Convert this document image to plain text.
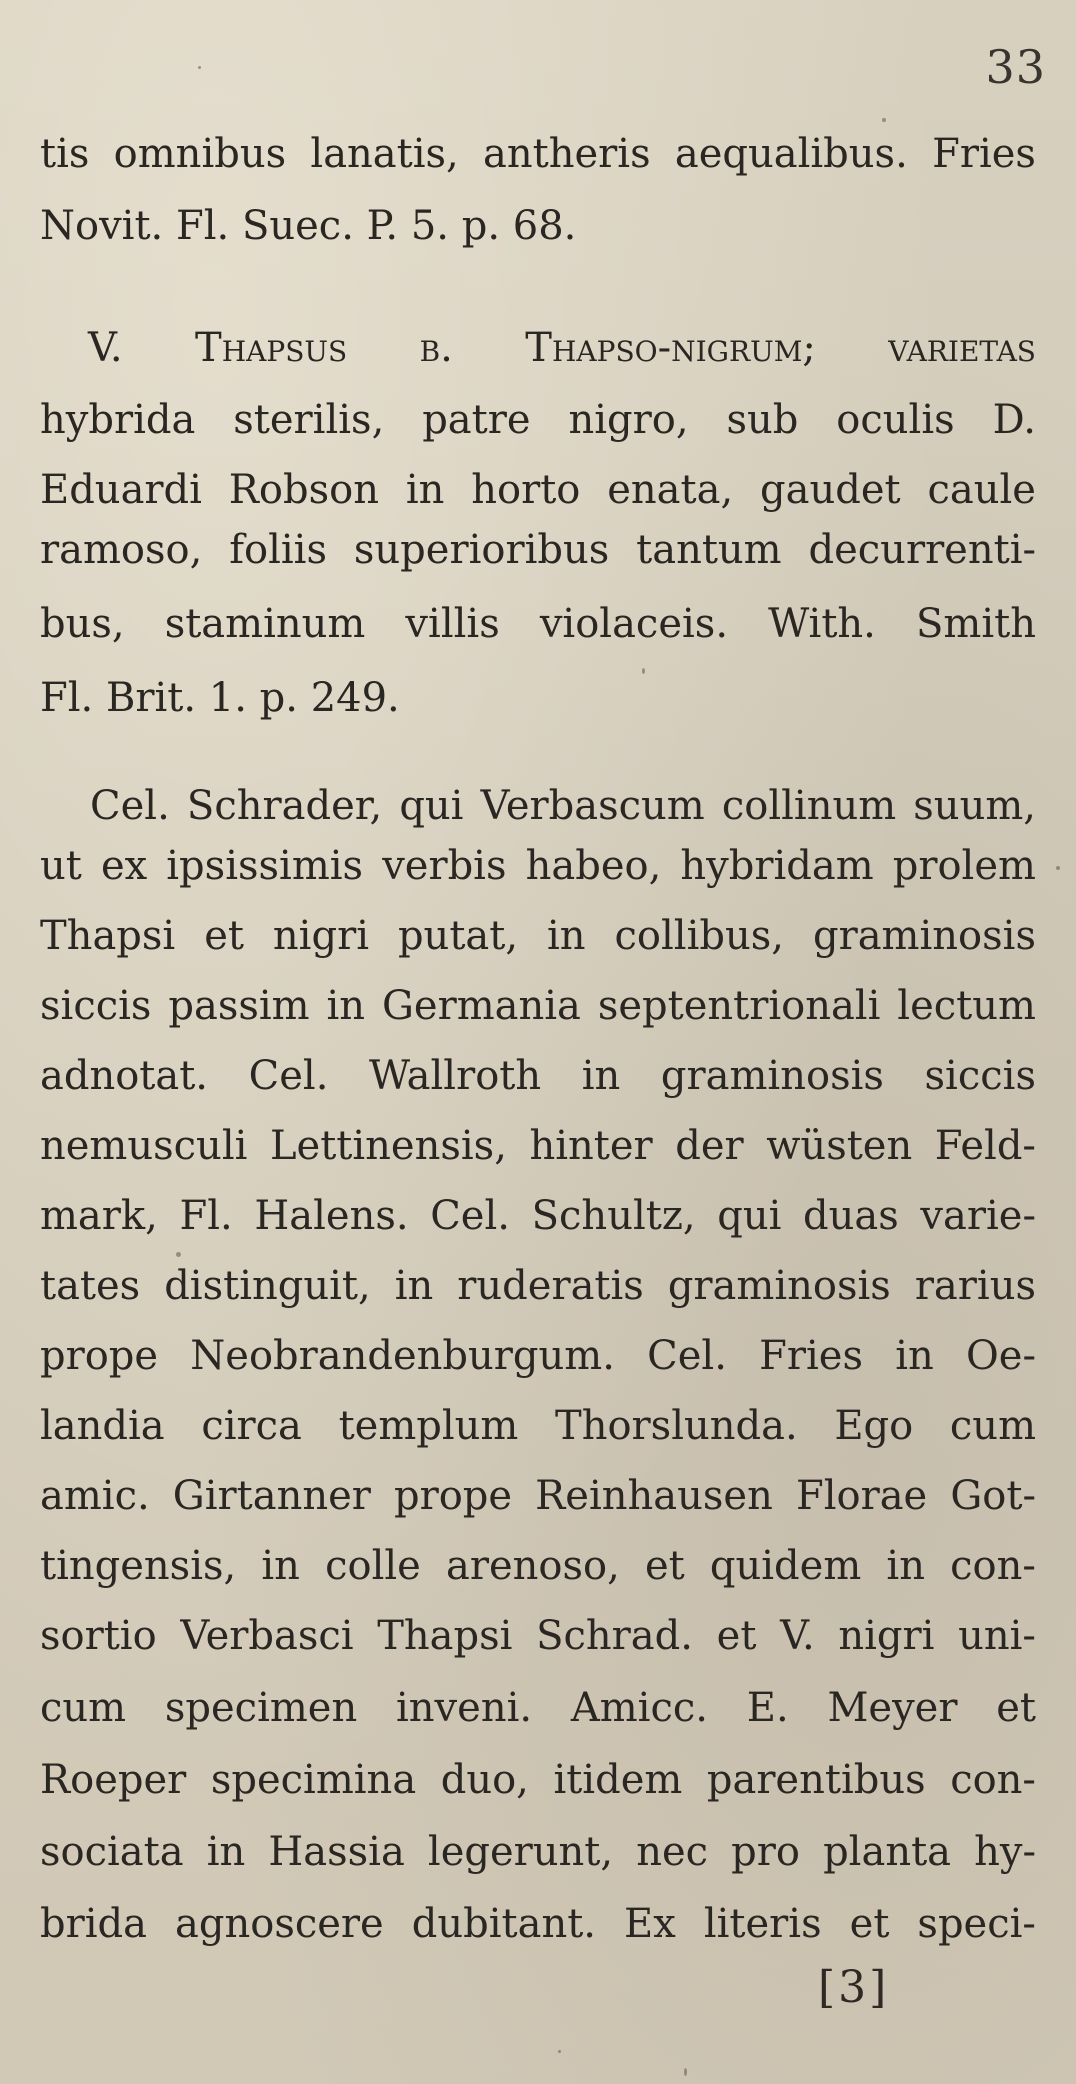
33
tis omnibus lanatis, antheris aequalibus. Fries
Novit. Fl. Suec. P. 5. p. 68.
V. Thapsus β. Thapso-nigrum; varietas
hybrida sterilis, patre nigro, sub oculis D.
Eduardi Robson in horto enata, gaudet caule
ramoso, foliis superioribus tantum decurrenti-
bus, staminum villis violaceis. With. Smith
Fl. Brit. 1. p. 249.
Cel. Schrader, qui Verbascum collinum suum,
ut ex ipsissimis verbis habeo, hybridam prolem
Thapsi et nigri putat, in collibus, graminosis
siccis passim in Germania septentrionali lectum
adnotat. Cel. Wallroth in graminosis siccis
nemusculi Lettinensis, hinter der wüsten Feld-
mark, Fl. Halens. Cel. Schultz, qui duas varie-
tates distinguit, in ruderatis graminosis rarius
prope Neobrandenburgum. Cel. Fries in Oe-
landia circa templum Thorslunda. Ego cum
amic. Girtanner prope Reinhausen Florae Got-
tingensis, in colle arenoso, et quidem in con-
sortio Verbasci Thapsi Schrad. et V. nigri uni-
cum specimen inveni. Amicc. E. Meyer et
Roeper specimina duo, itidem parentibus con-
sociata in Hassia legerunt, nec pro planta hy-
brida agnoscere dubitant. Ex literis et speci-
[3]
